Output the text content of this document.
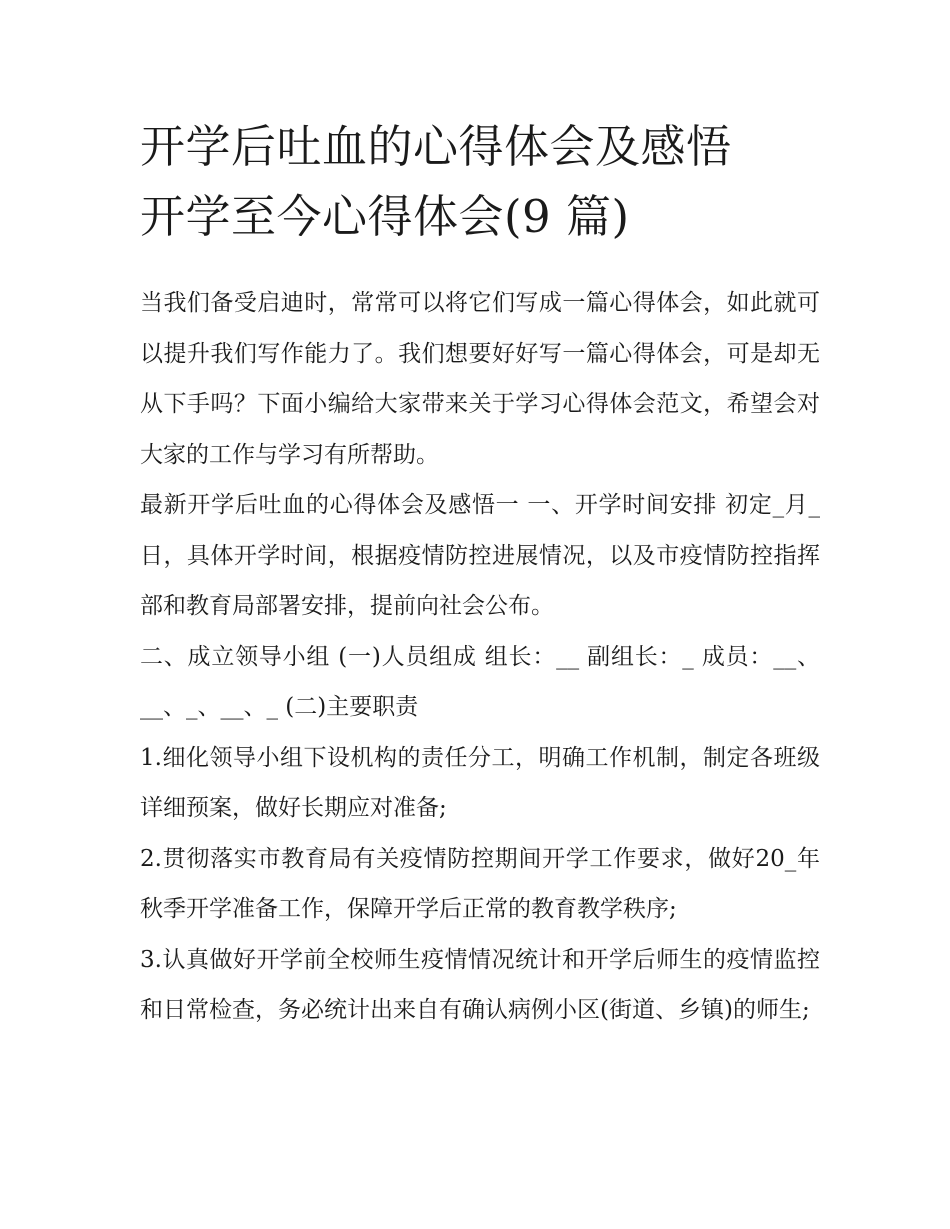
开学后吐血的心得体会及感悟
开学至今心得体会(9 篇)

当我们备受启迪时，常常可以将它们写成一篇心得体会，如此就可以提升我们写作能力了。我们想要好好写一篇心得体会，可是却无从下手吗？下面小编给大家带来关于学习心得体会范文，希望会对大家的工作与学习有所帮助。

最新开学后吐血的心得体会及感悟一 一、开学时间安排 初定_月_日，具体开学时间，根据疫情防控进展情况，以及市疫情防控指挥部和教育局部署安排，提前向社会公布。

二、成立领导小组 (一)人员组成 组长：__ 副组长：_ 成员：__、__、_、__、_ (二)主要职责

1.细化领导小组下设机构的责任分工，明确工作机制，制定各班级详细预案，做好长期应对准备;

2.贯彻落实市教育局有关疫情防控期间开学工作要求，做好20_年秋季开学准备工作，保障开学后正常的教育教学秩序;

3.认真做好开学前全校师生疫情情况统计和开学后师生的疫情监控和日常检查，务必统计出来自有确认病例小区(街道、乡镇)的师生;
